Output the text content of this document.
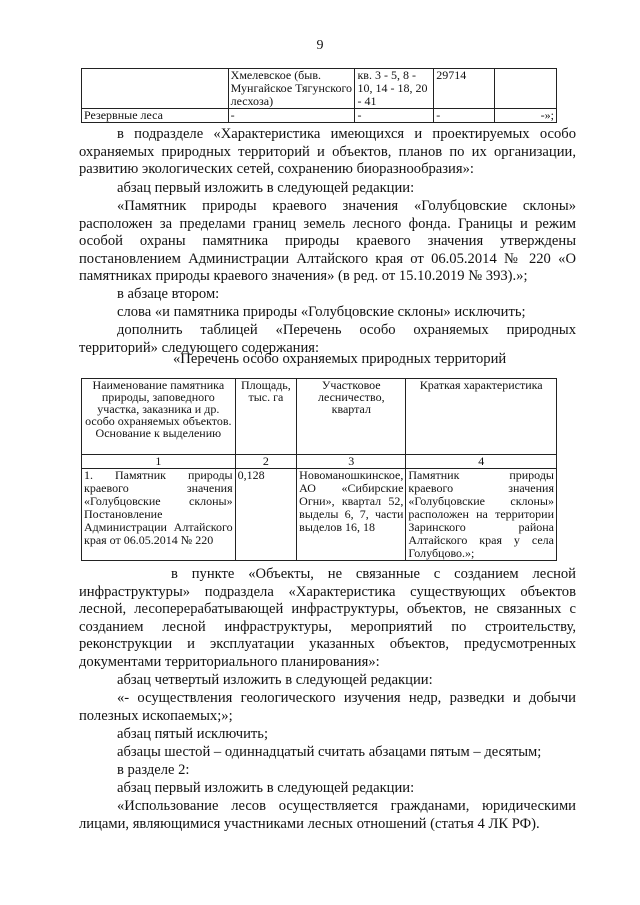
9
	Хмелевское (быв. Мунгайское Тягунского лесхоза)	кв. 3 - 5, 8 - 10, 14 - 18, 20 - 41	29714	
Резервные леса	-	-	-	-»;
в подразделе «Характеристика имеющихся и проектируемых особо охраняемых природных территорий и объектов, планов по их организации, развитию экологических сетей, сохранению биоразнообразия»:
абзац первый изложить в следующей редакции:
«Памятник природы краевого значения «Голубцовские склоны» расположен за пределами границ земель лесного фонда. Границы и режим особой охраны памятника природы краевого значения утверждены постановлением Администрации Алтайского края от 06.05.2014 № 220 «О памятниках природы краевого значения» (в ред. от 15.10.2019 № 393).»;
в абзаце втором:
слова «и памятника природы «Голубцовские склоны» исключить;
дополнить таблицей «Перечень особо охраняемых природных территорий» следующего содержания:
«Перечень особо охраняемых природных территорий
Наименование памятника природы, заповедного участка, заказника и др. особо охраняемых объектов. Основание к выделению	Площадь, тыс. га	Участковое лесничество, квартал	Краткая характеристика
1	2	3	4
1. Памятник природы краевого значения «Голубцовские склоны» Постановление Администрации Алтайского края от 06.05.2014 № 220	0,128	Новоманошкинское, АО «Сибирские Огни», квартал 52, выделы 6, 7, части выделов 16, 18	Памятник природы краевого значения «Голубцовские склоны» расположен на территории Заринского района Алтайского края у села Голубцово.»;
в пункте «Объекты, не связанные с созданием лесной инфраструктуры» подраздела «Характеристика существующих объектов лесной, лесоперерабатывающей инфраструктуры, объектов, не связанных с созданием лесной инфраструктуры, мероприятий по строительству, реконструкции и эксплуатации указанных объектов, предусмотренных документами территориального планирования»:
абзац четвертый изложить в следующей редакции:
«- осуществления геологического изучения недр, разведки и добычи полезных ископаемых;»;
абзац пятый исключить;
абзацы шестой – одиннадцатый считать абзацами пятым – десятым;
в разделе 2:
абзац первый изложить в следующей редакции:
«Использование лесов осуществляется гражданами, юридическими лицами, являющимися участниками лесных отношений (статья 4 ЛК РФ).
